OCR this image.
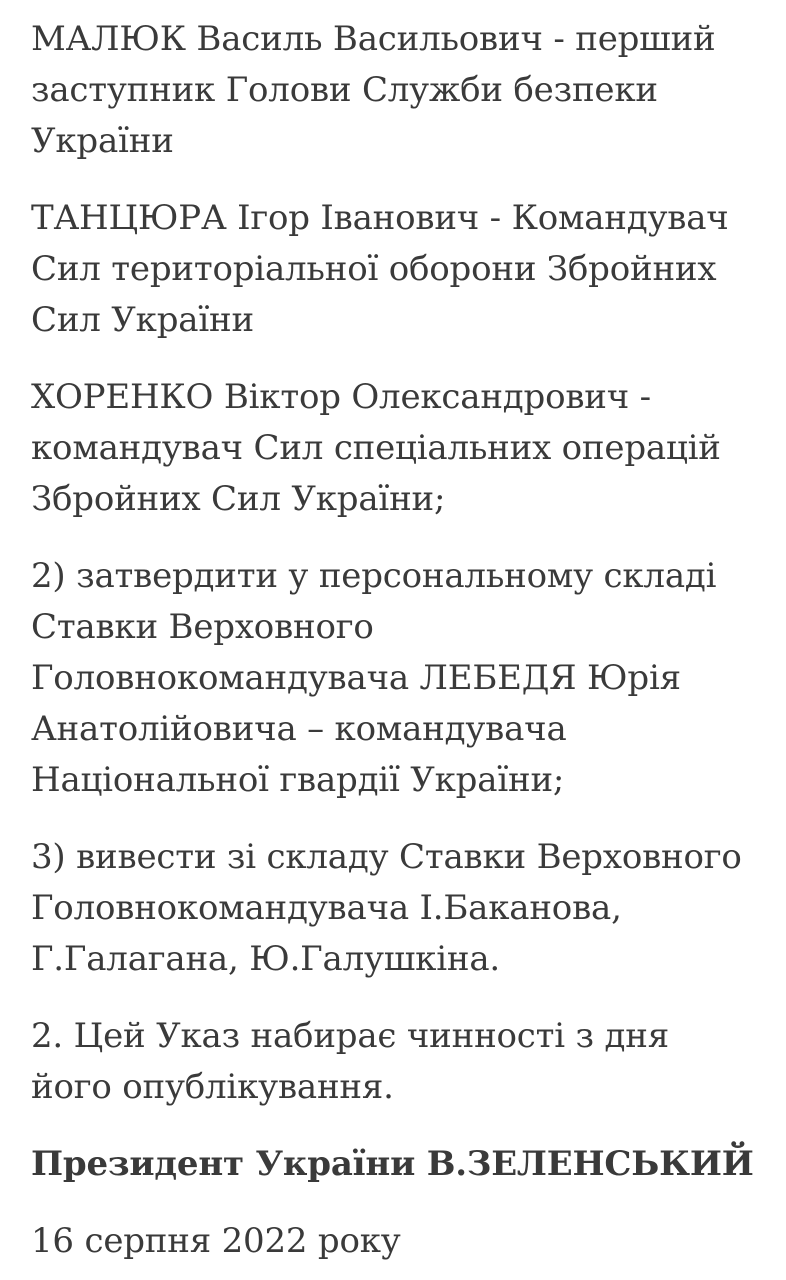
МАЛЮК Василь Васильович - перший заступник Голови Служби безпеки України

ТАНЦЮРА Ігор Іванович - Командувач Сил територіальної оборони Збройних Сил України

ХОРЕНКО Віктор Олександрович - командувач Сил спеціальних операцій Збройних Сил України;

2) затвердити у персональному складі Ставки Верховного Головнокомандувача ЛЕБЕДЯ Юрія Анатолійовича – командувача Національної гвардії України;

3) вивести зі складу Ставки Верховного Головнокомандувача І.Баканова, Г.Галагана, Ю.Галушкіна.

2. Цей Указ набирає чинності з дня його опублікування.

Президент України В.ЗЕЛЕНСЬКИЙ

16 серпня 2022 року
